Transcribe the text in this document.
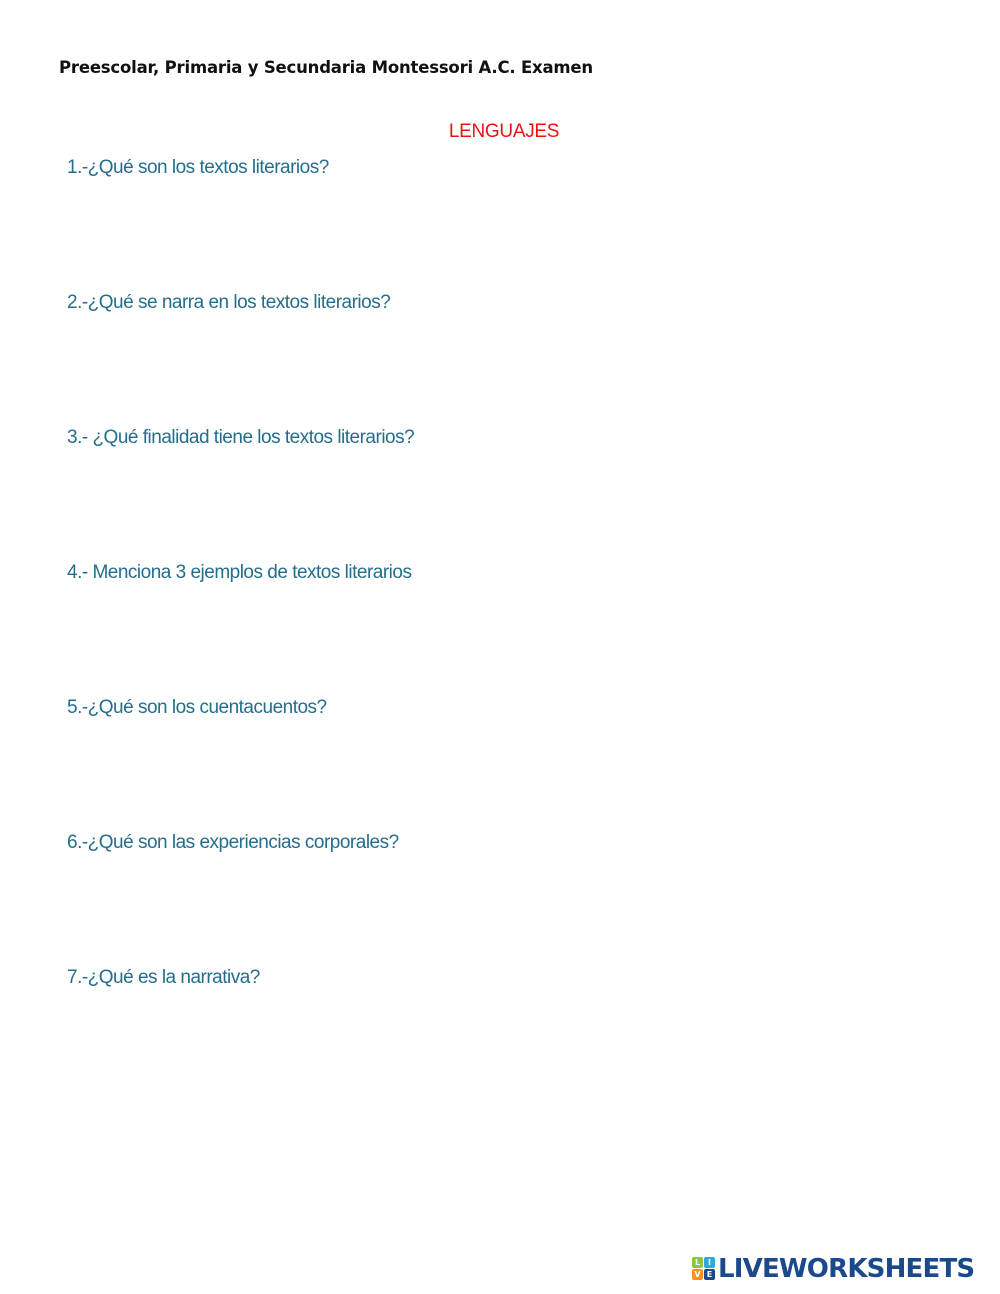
Preescolar, Primaria y Secundaria Montessori A.C. Examen
LENGUAJES
1.-¿Qué son los textos literarios?
2.-¿Qué se narra en los textos literarios?
3.- ¿Qué finalidad tiene los textos literarios?
4.- Menciona 3 ejemplos de textos literarios
5.-¿Qué son los cuentacuentos?
6.-¿Qué son las experiencias corporales?
7.-¿Qué es la narrativa?
L I
V E LIVEWORKSHEETS
